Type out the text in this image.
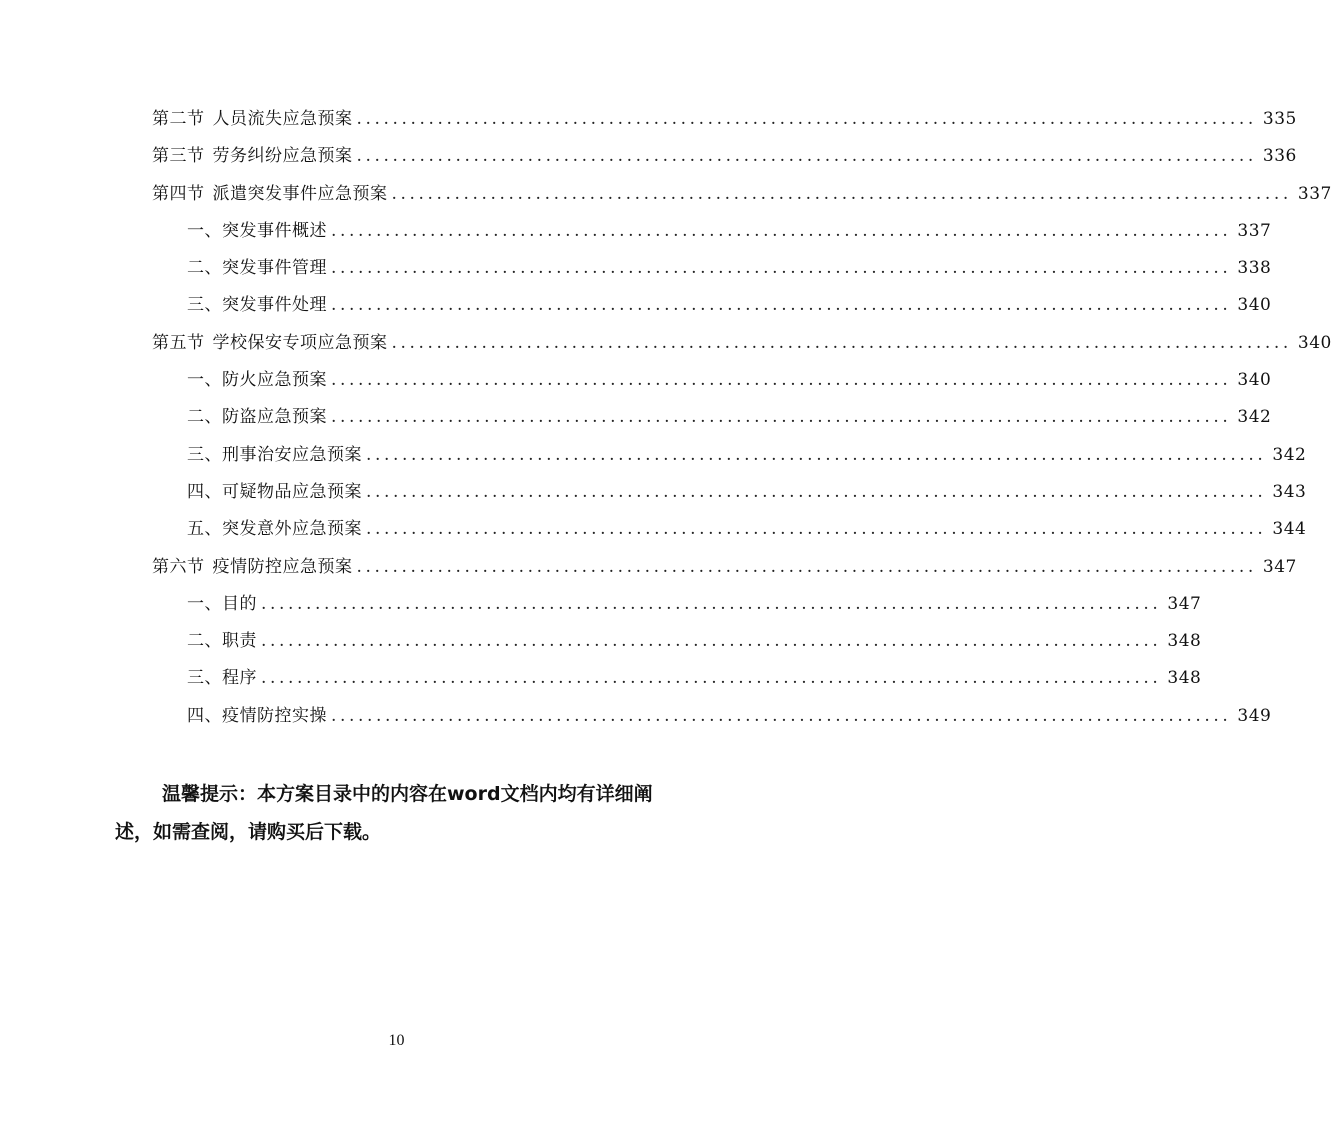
第二节 人员流失应急预案 .................................................................................................... 335
第三节 劳务纠纷应急预案 .................................................................................................... 336
第四节 派遣突发事件应急预案 .................................................................................................... 337
一、突发事件概述 .................................................................................................... 337
二、突发事件管理 .................................................................................................... 338
三、突发事件处理 .................................................................................................... 340
第五节 学校保安专项应急预案 .................................................................................................... 340
一、防火应急预案 .................................................................................................... 340
二、防盗应急预案 .................................................................................................... 342
三、刑事治安应急预案 .................................................................................................... 342
四、可疑物品应急预案 .................................................................................................... 343
五、突发意外应急预案 .................................................................................................... 344
第六节 疫情防控应急预案 .................................................................................................... 347
一、目的 .................................................................................................... 347
二、职责 .................................................................................................... 348
三、程序 .................................................................................................... 348
四、疫情防控实操 .................................................................................................... 349

温馨提示：本方案目录中的内容在word文档内均有详细阐述，如需查阅，请购买后下载。

10
